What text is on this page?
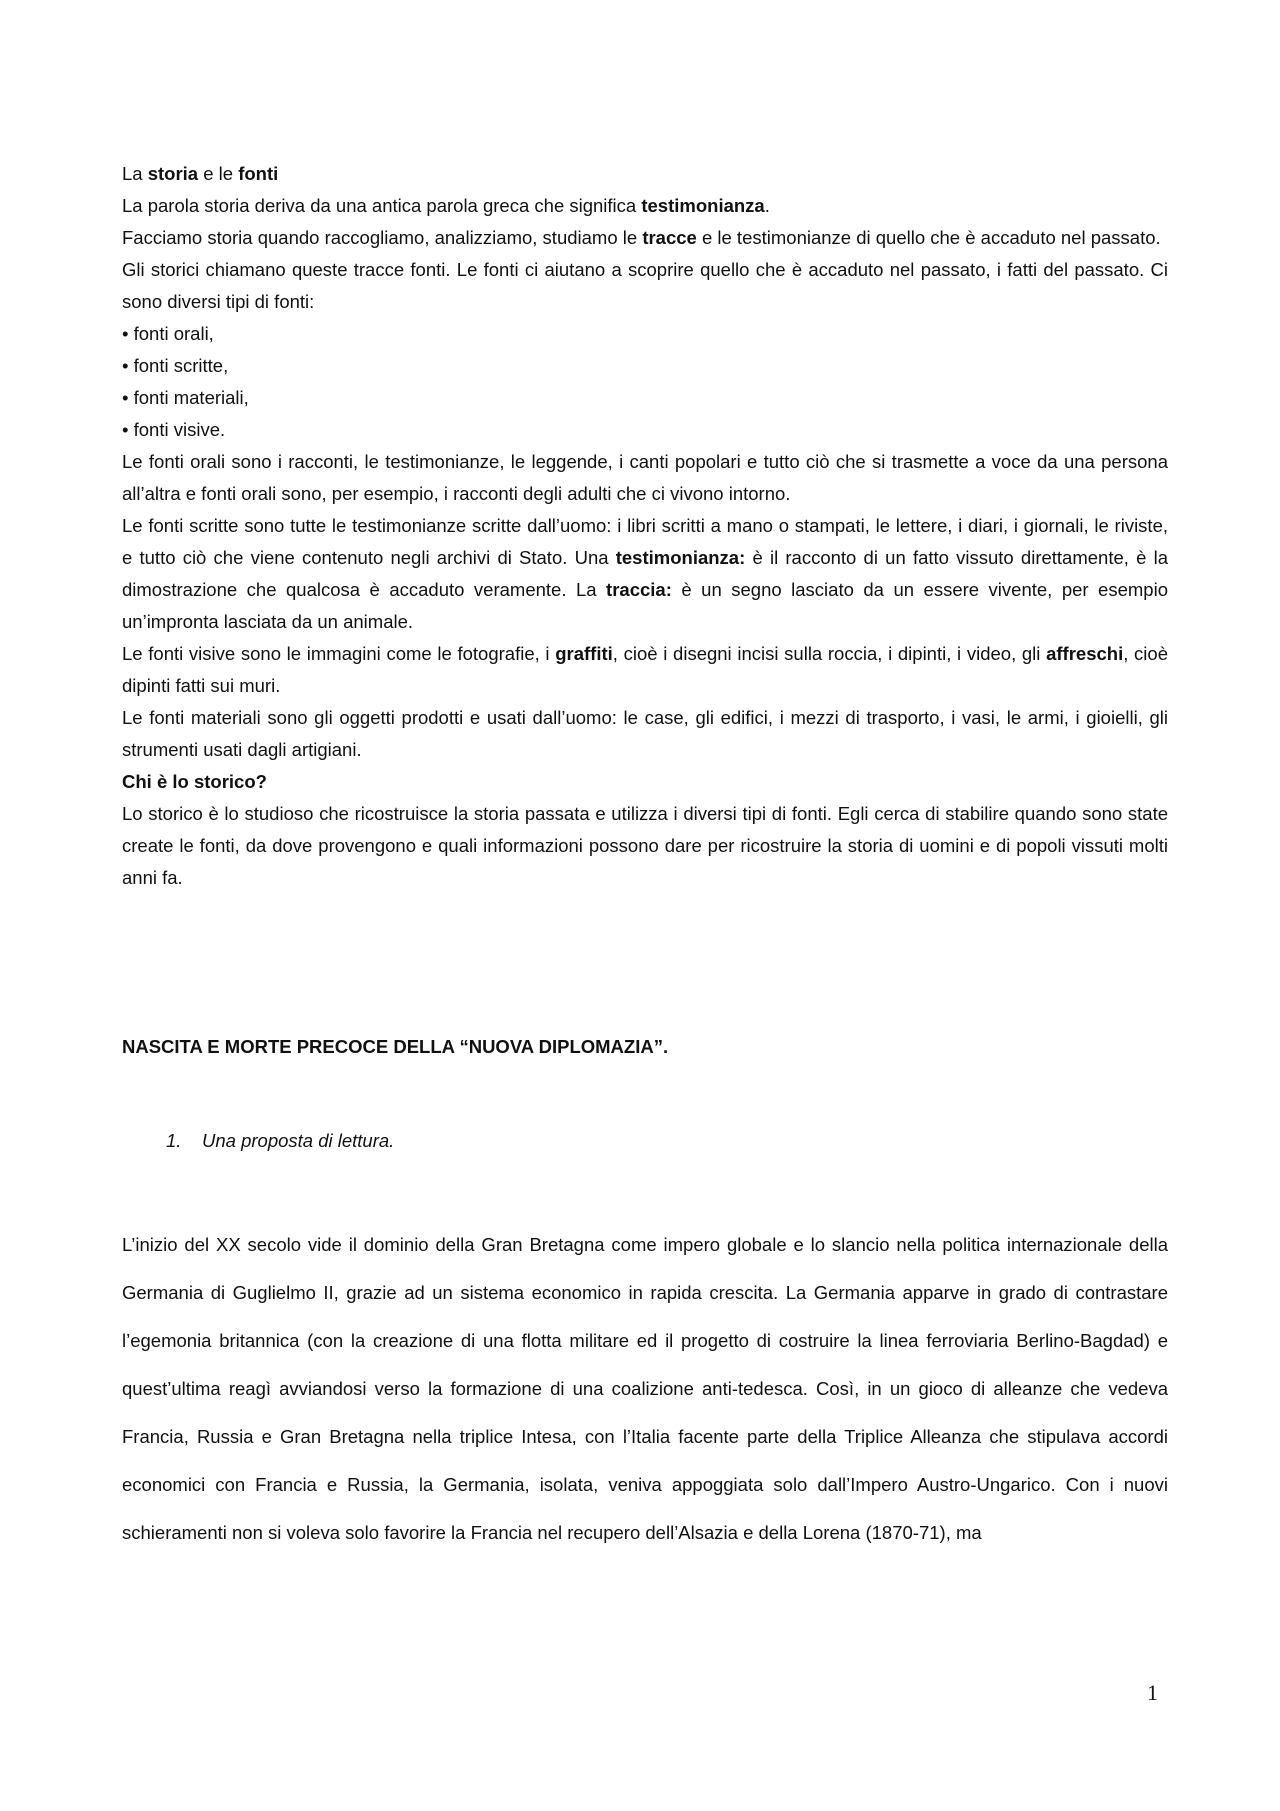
La storia e le fonti

La parola storia deriva da una antica parola greca che significa testimonianza.

Facciamo storia quando raccogliamo, analizziamo, studiamo le tracce e le testimonianze di quello che è accaduto nel passato.

Gli storici chiamano queste tracce fonti. Le fonti ci aiutano a scoprire quello che è accaduto nel passato, i fatti del passato. Ci sono diversi tipi di fonti:

• fonti orali,

• fonti scritte,

• fonti materiali,

• fonti visive.

Le fonti orali sono i racconti, le testimonianze, le leggende, i canti popolari e tutto ciò che si trasmette a voce da una persona all’altra e fonti orali sono, per esempio, i racconti degli adulti che ci vivono intorno.

Le fonti scritte sono tutte le testimonianze scritte dall’uomo: i libri scritti a mano o stampati, le lettere, i diari, i giornali, le riviste, e tutto ciò che viene contenuto negli archivi di Stato. Una testimonianza: è il racconto di un fatto vissuto direttamente, è la dimostrazione che qualcosa è accaduto veramente. La traccia: è un segno lasciato da un essere vivente, per esempio un’impronta lasciata da un animale.

Le fonti visive sono le immagini come le fotografie, i graffiti, cioè i disegni incisi sulla roccia, i dipinti, i video, gli affreschi, cioè dipinti fatti sui muri.

Le fonti materiali sono gli oggetti prodotti e usati dall’uomo: le case, gli edifici, i mezzi di trasporto, i vasi, le armi, i gioielli, gli strumenti usati dagli artigiani.

Chi è lo storico?

Lo storico è lo studioso che ricostruisce la storia passata e utilizza i diversi tipi di fonti. Egli cerca di stabilire quando sono state create le fonti, da dove provengono e quali informazioni possono dare per ricostruire la storia di uomini e di popoli vissuti molti anni fa.

NASCITA E MORTE PRECOCE DELLA “NUOVA DIPLOMAZIA”.

1. Una proposta di lettura.

L’inizio del XX secolo vide il dominio della Gran Bretagna come impero globale e lo slancio nella politica internazionale della Germania di Guglielmo II, grazie ad un sistema economico in rapida crescita. La Germania apparve in grado di contrastare l’egemonia britannica (con la creazione di una flotta militare ed il progetto di costruire la linea ferroviaria Berlino-Bagdad) e quest’ultima reagì avviandosi verso la formazione di una coalizione anti-tedesca. Così, in un gioco di alleanze che vedeva Francia, Russia e Gran Bretagna nella triplice Intesa, con l’Italia facente parte della Triplice Alleanza che stipulava accordi economici con Francia e Russia, la Germania, isolata, veniva appoggiata solo dall’Impero Austro-Ungarico. Con i nuovi schieramenti non si voleva solo favorire la Francia nel recupero dell’Alsazia e della Lorena (1870-71), ma

1
